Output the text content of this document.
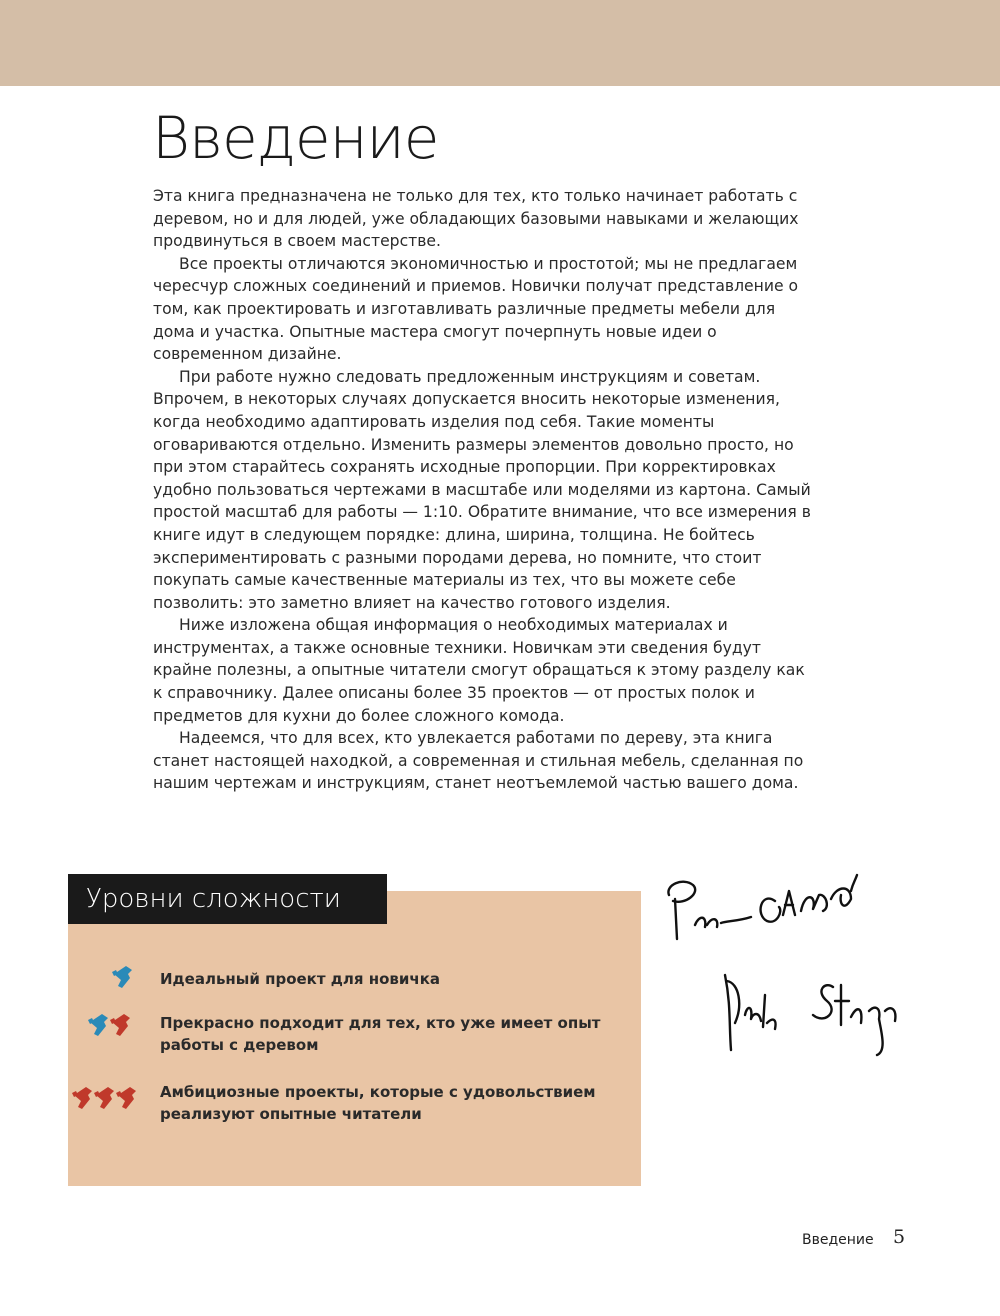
Введение

Эта книга предназначена не только для тех, кто только начинает работать с деревом, но и для людей, уже обладающих базовыми навыками и желающих продвинуться в своем мастерстве.

Все проекты отличаются экономичностью и простотой; мы не предлагаем чересчур сложных соединений и приемов. Новички получат представление о том, как проектировать и изготавливать различные предметы мебели для дома и участка. Опытные мастера смогут почерпнуть новые идеи о современном дизайне.

При работе нужно следовать предложенным инструкциям и советам. Впрочем, в некоторых случаях допускается вносить некоторые изменения, когда необходимо адаптировать изделия под себя. Такие моменты оговариваются отдельно. Изменить размеры элементов довольно просто, но при этом старайтесь сохранять исходные пропорции. При корректировках удобно пользоваться чертежами в масштабе или моделями из картона. Самый простой масштаб для работы — 1:10. Обратите внимание, что все измерения в книге идут в следующем порядке: длина, ширина, толщина. Не бойтесь экспериментировать с разными породами дерева, но помните, что стоит покупать самые качественные материалы из тех, что вы можете себе позволить: это заметно влияет на качество готового изделия.

Ниже изложена общая информация о необходимых материалах и инструментах, а также основные техники. Новичкам эти сведения будут крайне полезны, а опытные читатели смогут обращаться к этому разделу как к справочнику. Далее описаны более 35 проектов — от простых полок и предметов для кухни до более сложного комода.

Надеемся, что для всех, кто увлекается работами по дереву, эта книга станет настоящей находкой, а современная и стильная мебель, сделанная по нашим чертежам и инструкциям, станет неотъемлемой частью вашего дома.

Уровни сложности
Идеальный проект для новичка
Прекрасно подходит для тех, кто уже имеет опыт работы с деревом
Амбициозные проекты, которые с удовольствием реализуют опытные читатели
Введение 5
